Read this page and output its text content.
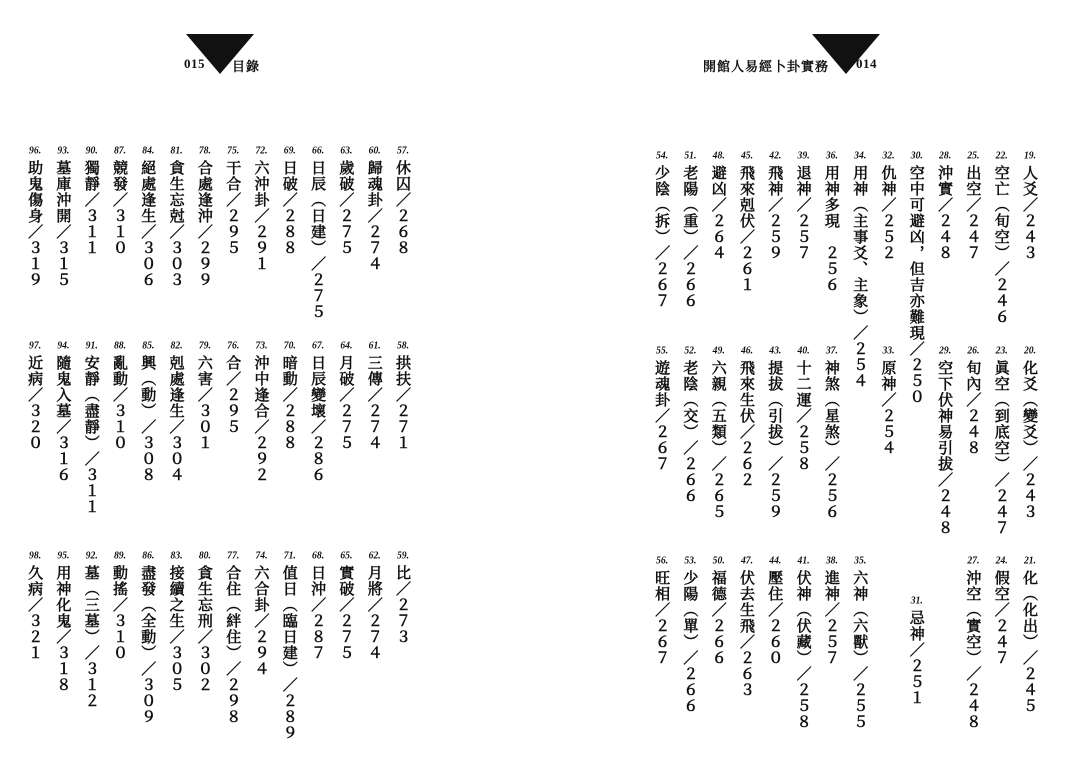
015 目錄
57.休囚／２６８
58.拱扶／２７１
59.比／２７３
60.歸魂卦／２７４
61.三傳／２７４
62.月將／２７４
63.歲破／２７５
64.月破／２７５
65.實破／２７５
66.日辰（日建）／２７５
67.日辰變壞／２８６
68.日沖／２８７
69.日破／２８８
70.暗動／２８８
71.值日（臨日建）／２８９
72.六沖卦／２９１
73.沖中逢合／２９２
74.六合卦／２９４
75.干合／２９５
76.合／２９５
77.合住（絆住）／２９８
78.合處逢沖／２９９
79.六害／３０１
80.貪生忘刑／３０２
81.貪生忘尅／３０３
82.剋處逢生／３０４
83.接續之生／３０５
84.絕處逢生／３０６
85.興（動）／３０８
86.盡發（全動）／３０９
87.競發／３１０
88.亂動／３１０
89.動搖／３１０
90.獨靜／３１１
91.安靜（盡靜）／３１１
92.墓（三墓）／３１２
93.墓庫沖開／３１５
94.隨鬼入墓／３１６
95.用神化鬼／３１８
96.助鬼傷身／３１９
97.近病／３２０
98.久病／３２１
開館人易經卜卦實務 014
19.人爻／２４３
20.化爻（變爻）／２４３
21.化（化出）／２４５
22.空亡（旬空）／２４６
23.眞空（到底空）／２４７
24.假空／２４７
25.出空／２４７
26.旬內／２４８
27.沖空（實空）／２４８
28.沖實／２４８
29.空下伏神易引拔／２４８
30.空中可避凶，但吉亦難現／２５０
31.忌神／２５１
32.仇神／２５２
33.原神／２５４
34.用神（主事爻、主象）／２５４
35.六神（六獸）／２５５
36.用神多現　２５６
37.神煞（星煞）／２５６
38.進神／２５７
39.退神／２５７
40.十二運／２５８
41.伏神（伏藏）／２５８
42.飛神／２５９
43.提拔（引拔）／２５９
44.壓住／２６０
45.飛來剋伏／２６１
46.飛來生伏／２６２
47.伏去生飛／２６３
48.避凶／２６４
49.六親（五類）／２６５
50.福德／２６６
51.老陽（重）／２６６
52.老陰（交）／２６６
53.少陽（單）／２６６
54.少陰（拆）／２６７
55.遊魂卦／２６７
56.旺相／２６７
